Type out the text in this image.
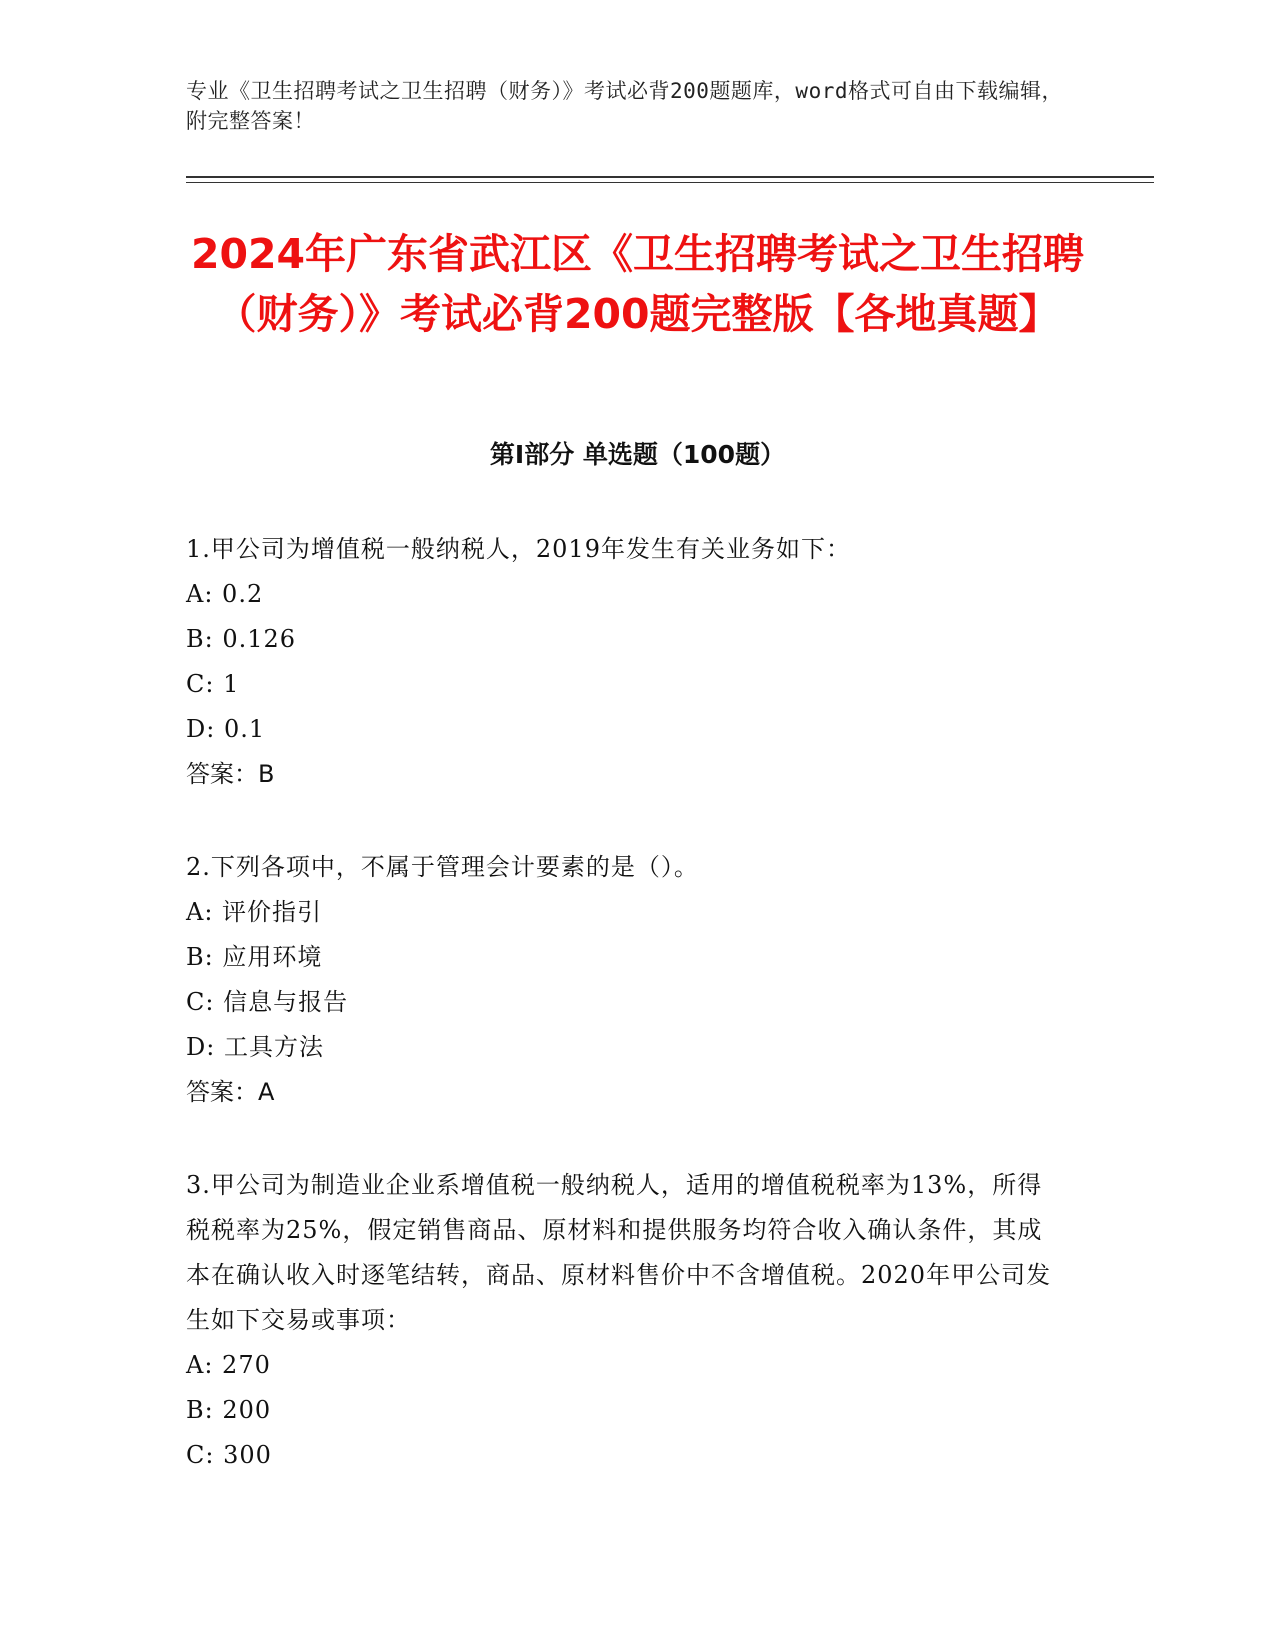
专业《卫生招聘考试之卫生招聘（财务）》考试必背200题题库，word格式可自由下载编辑，附完整答案！
2024年广东省武江区《卫生招聘考试之卫生招聘（财务）》考试必背200题完整版【各地真题】
第I部分 单选题（100题）

1.甲公司为增值税一般纳税人，2019年发生有关业务如下：

A: 0.2
B: 0.126
C: 1
D: 0.1
答案：B

2.下列各项中，不属于管理会计要素的是（）。

A: 评价指引
B: 应用环境
C: 信息与报告
D: 工具方法
答案：A

3.甲公司为制造业企业系增值税一般纳税人，适用的增值税税率为13%，所得税税率为25%，假定销售商品、原材料和提供服务均符合收入确认条件，其成本在确认收入时逐笔结转，商品、原材料售价中不含增值税。2020年甲公司发生如下交易或事项：

A: 270
B: 200
C: 300
